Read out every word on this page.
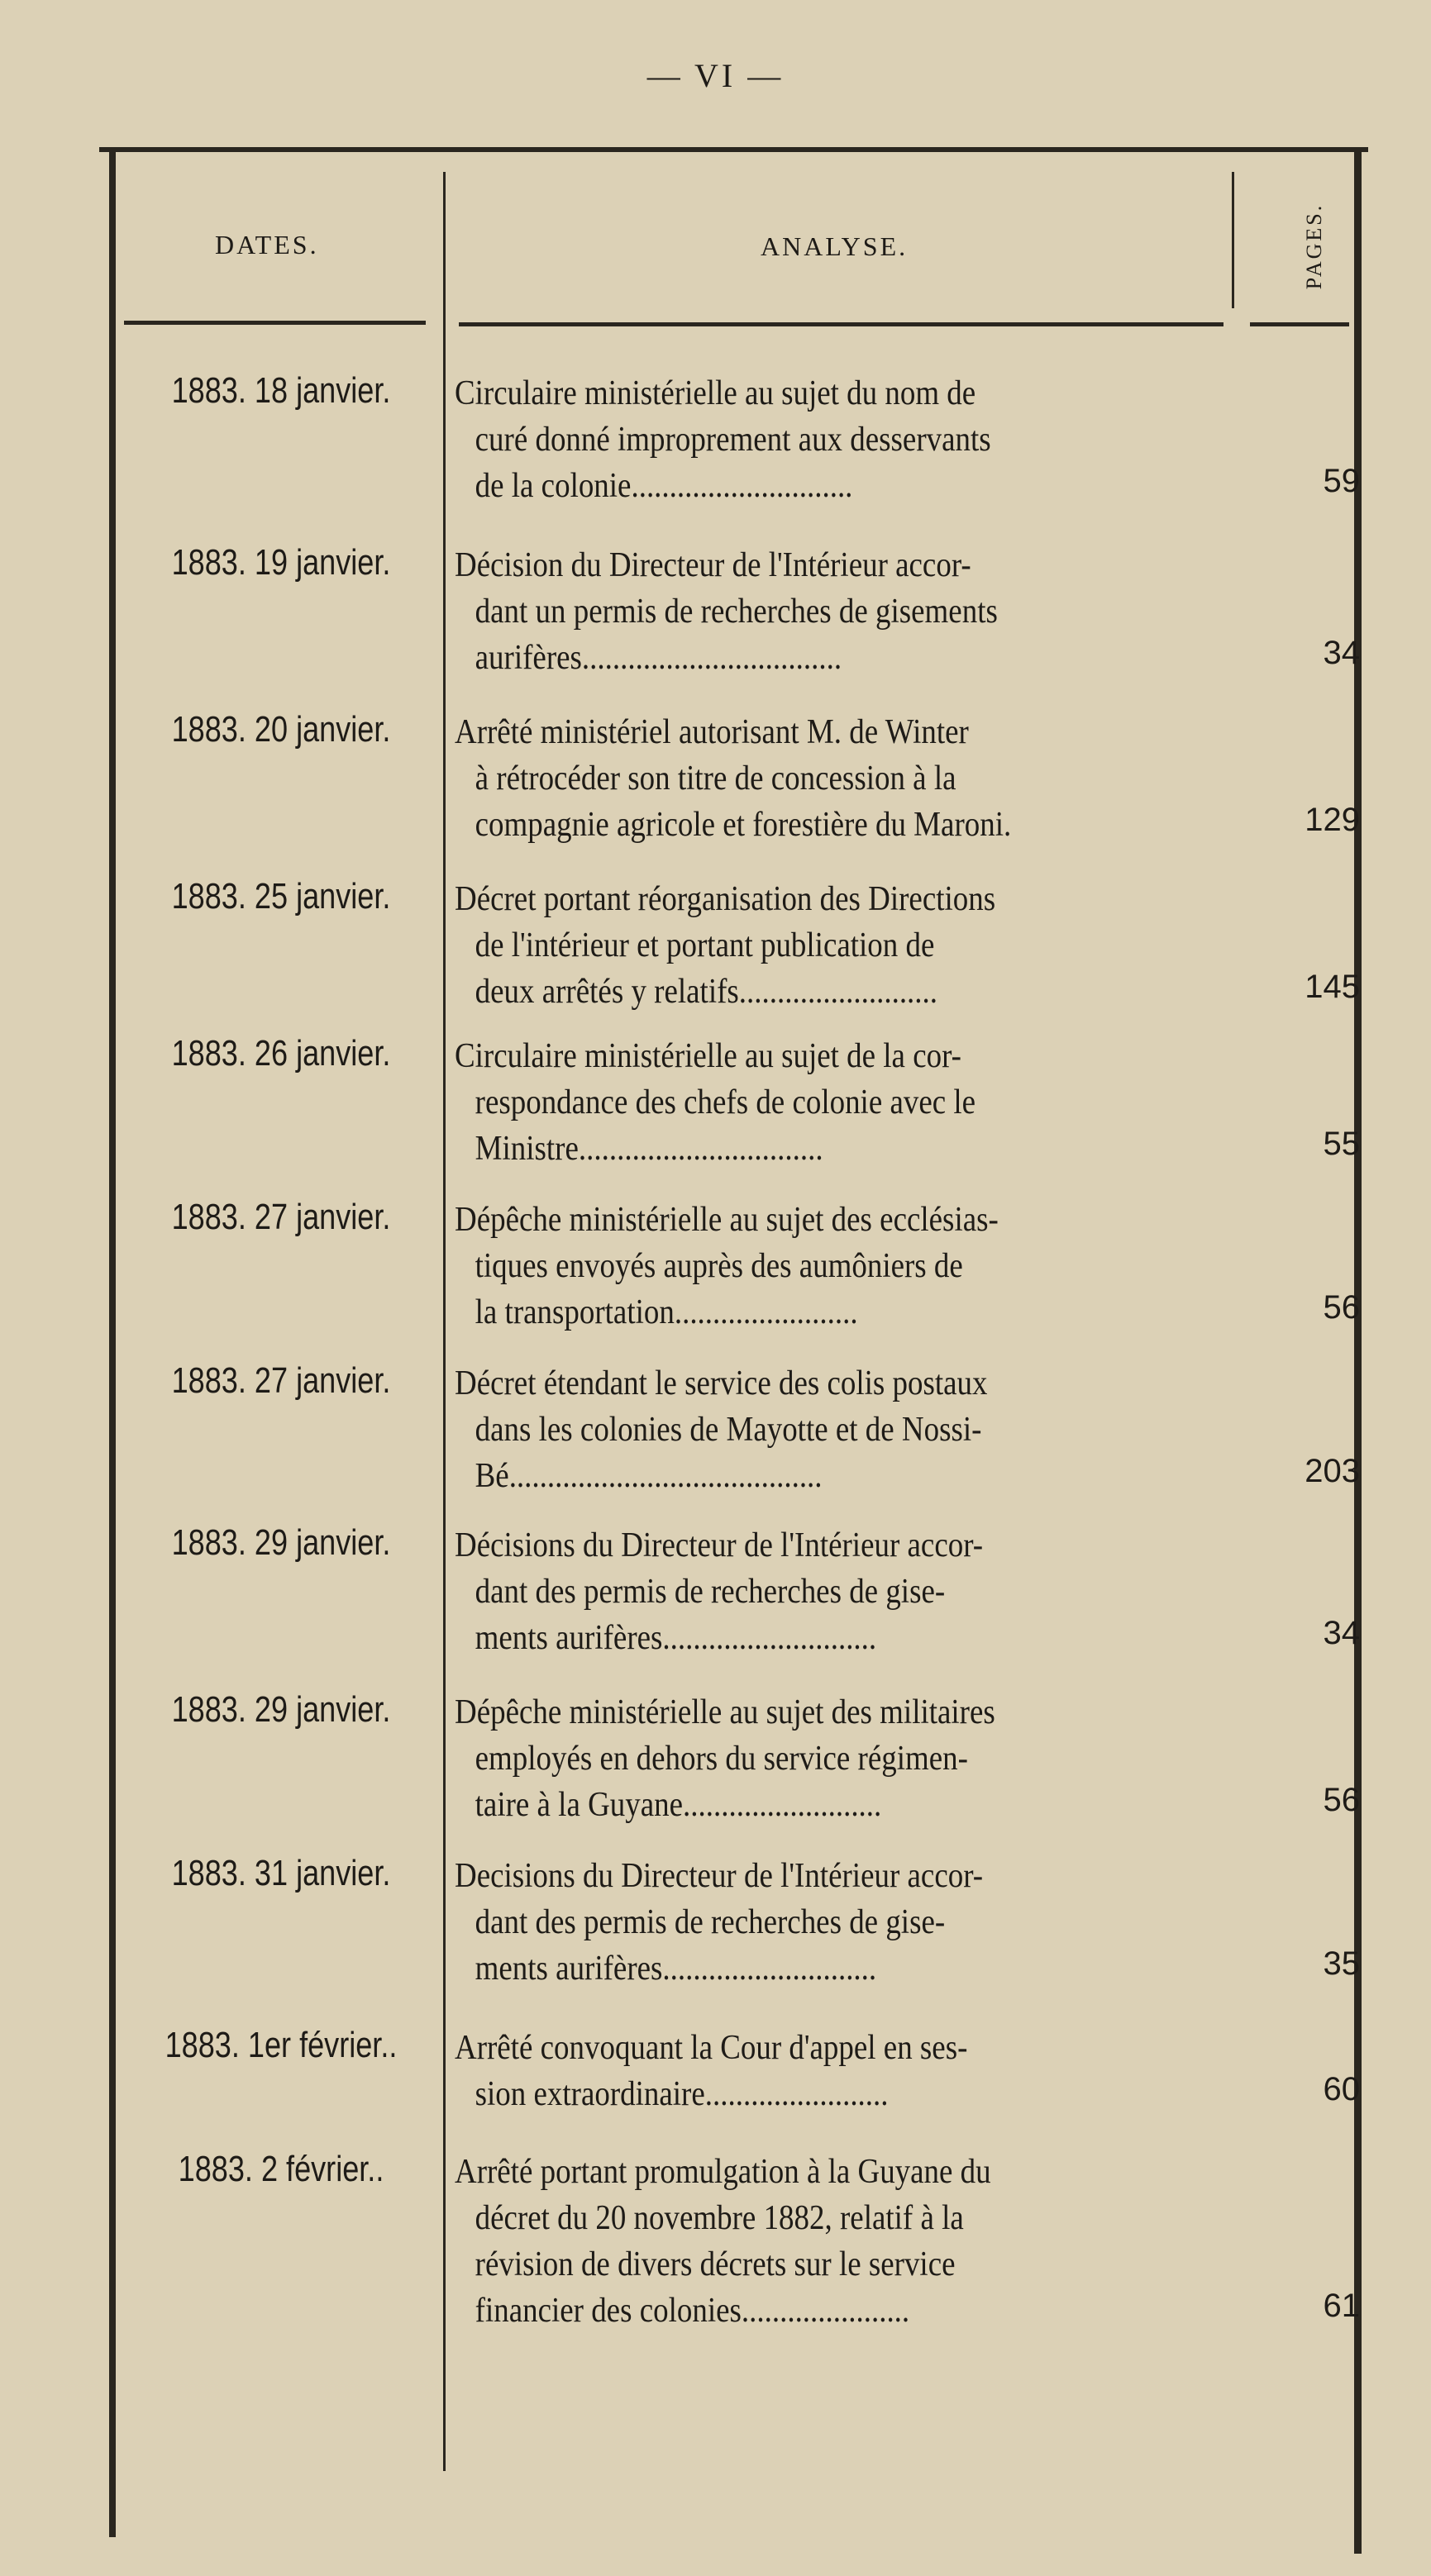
— VI —
DATES.	ANALYSE.	PAGES.
1883. 18 janvier.	Circulaire ministérielle au sujet du nom de
curé donné improprement aux desservants
de la colonie.............................	59
1883. 19 janvier.	Décision du Directeur de l'Intérieur accor-
dant un permis de recherches de gisements
aurifères..................................	34
1883. 20 janvier.	Arrêté ministériel autorisant M. de Winter
à rétrocéder son titre de concession à la
compagnie agricole et forestière du Maroni.	129
1883. 25 janvier.	Décret portant réorganisation des Directions
de l'intérieur et portant publication de
deux arrêtés y relatifs..........................	145
1883. 26 janvier.	Circulaire ministérielle au sujet de la cor-
respondance des chefs de colonie avec le
Ministre................................	55
1883. 27 janvier.	Dépêche ministérielle au sujet des ecclésias-
tiques envoyés auprès des aumôniers de
la transportation........................	56
1883. 27 janvier.	Décret étendant le service des colis postaux
dans les colonies de Mayotte et de Nossi-
Bé.........................................	203
1883. 29 janvier.	Décisions du Directeur de l'Intérieur accor-
dant des permis de recherches de gise-
ments aurifères............................	34
1883. 29 janvier.	Dépêche ministérielle au sujet des militaires
employés en dehors du service régimen-
taire à la Guyane..........................	56
1883. 31 janvier.	Decisions du Directeur de l'Intérieur accor-
dant des permis de recherches de gise-
ments aurifères............................	35
1883. 1er février..	Arrêté convoquant la Cour d'appel en ses-
sion extraordinaire........................	60
1883. 2 février..	Arrêté portant promulgation à la Guyane du
décret du 20 novembre 1882, relatif à la
révision de divers décrets sur le service
financier des colonies......................	61
